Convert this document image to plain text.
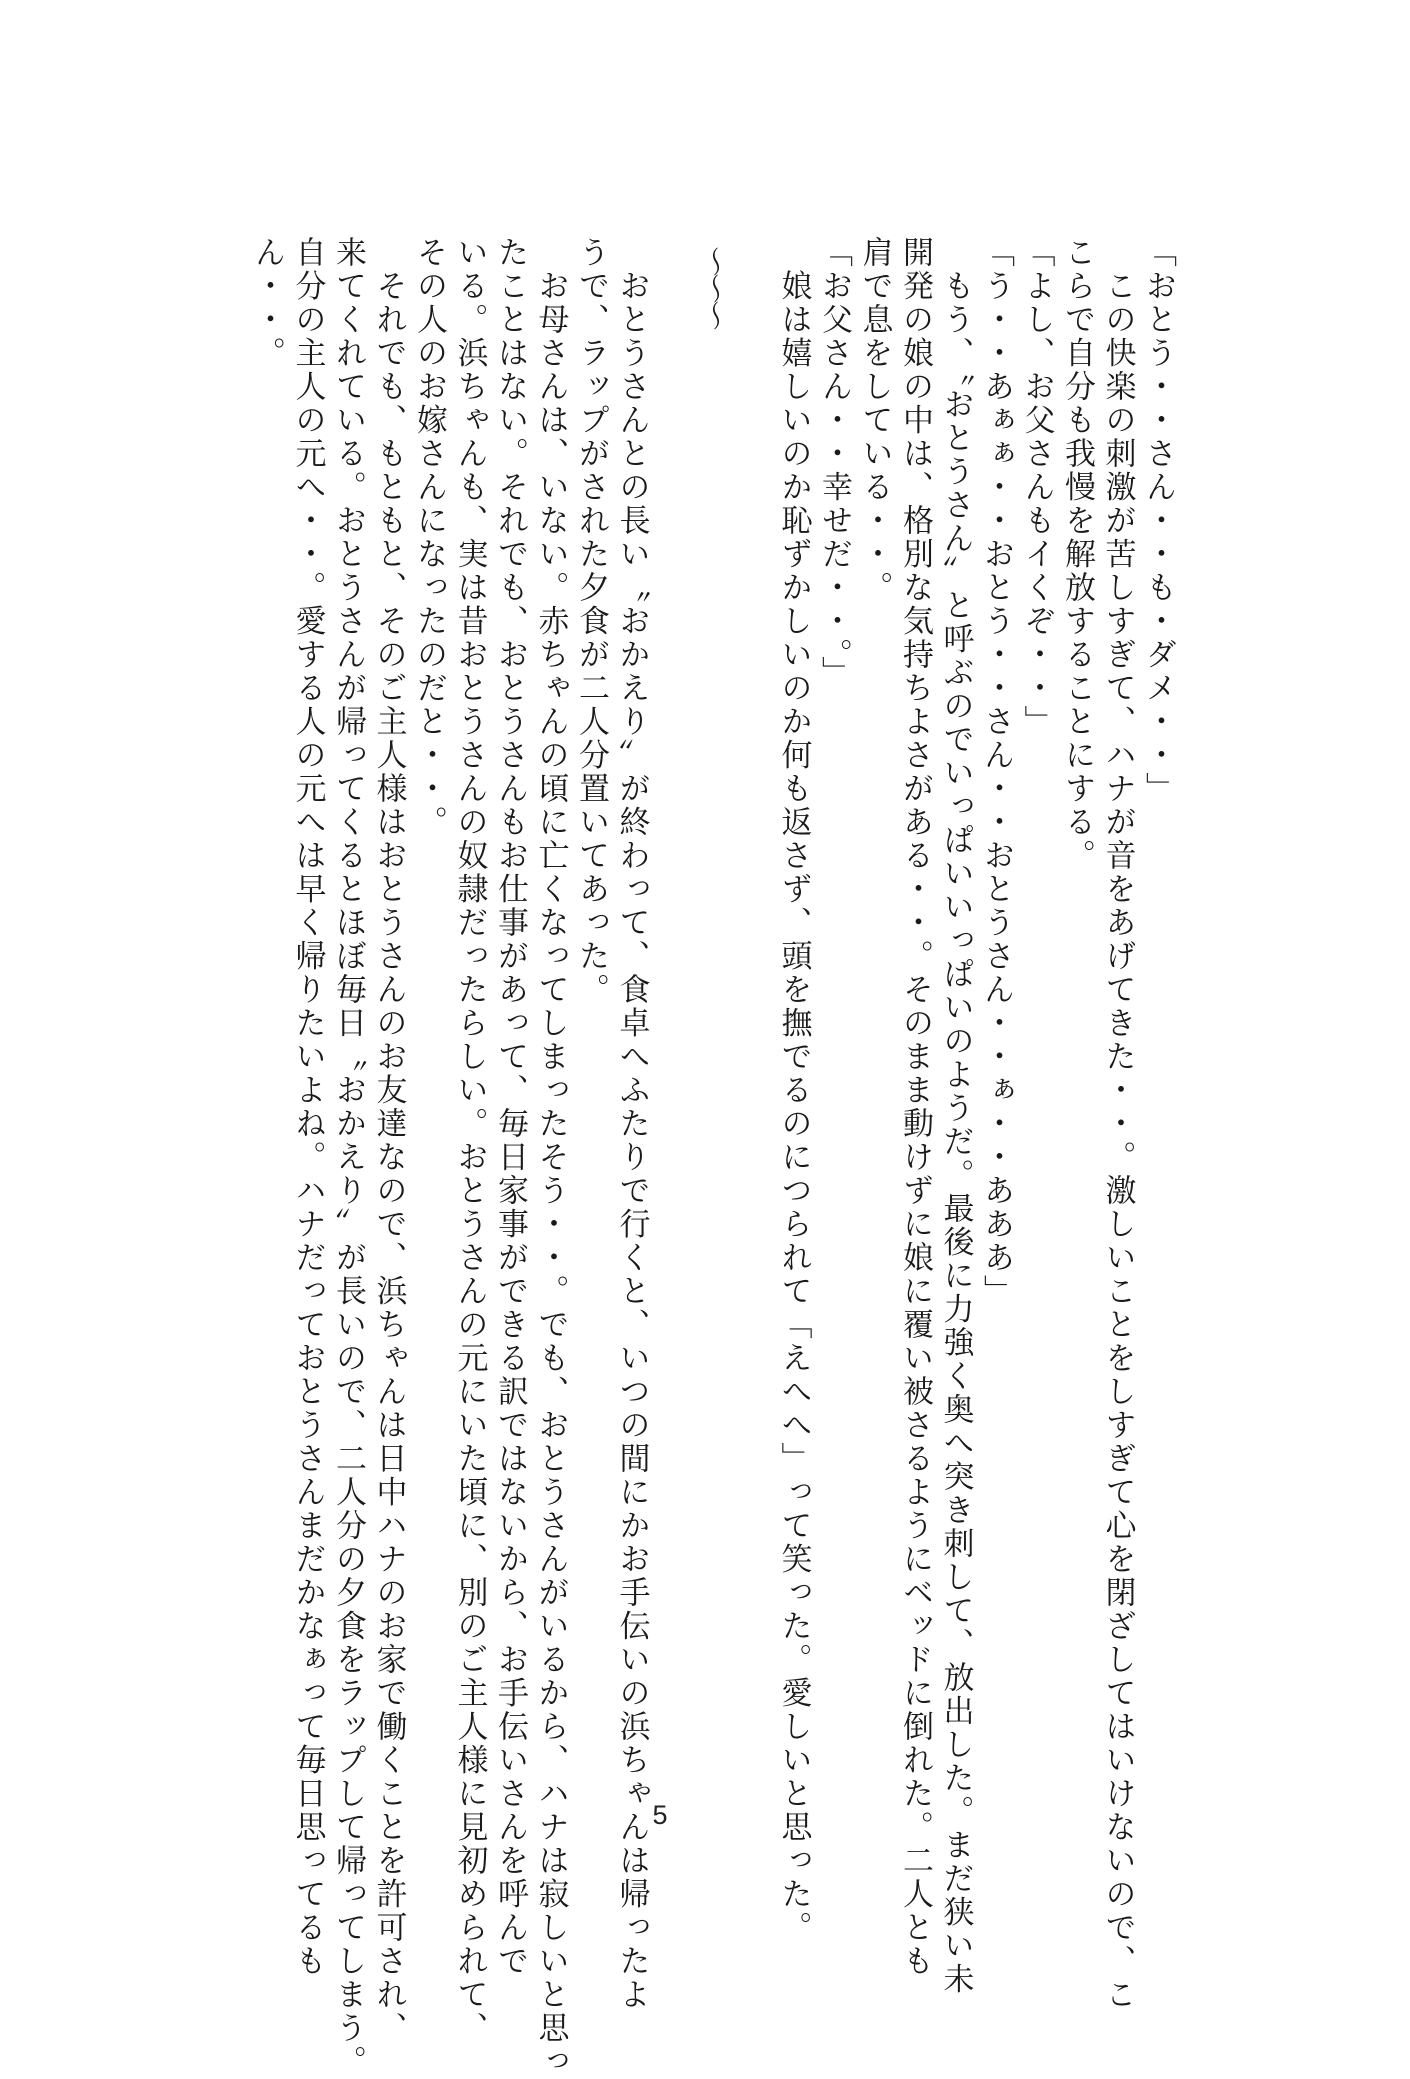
「おとう・・さん・・も・ダメ・・」
　この快楽の刺激が苦しすぎて、ハナが音をあげてきた・・。激しいことをしすぎて心を閉ざしてはいけないので、こ
こらで自分も我慢を解放することにする。
「よし、お父さんもイくぞ・・」
「う・・あぁぁ・・おとう・・さん・・おとうさん・・ぁ・・あああ」
　もう、〝おとうさん〟と呼ぶのでいっぱいいっぱいのようだ。最後に力強く奥へ突き刺して、放出した。まだ狭い未
開発の娘の中は、格別な気持ちよさがある・・。そのまま動けずに娘に覆い被さるようにベッドに倒れた。二人とも
肩で息をしている・・。
「お父さん・・幸せだ・・。」
　娘は嬉しいのか恥ずかしいのか何も返さず、頭を撫でるのにつられて「えへへ」って笑った。愛しいと思った。
〜〜〜
　おとうさんとの長い〝おかえり〟が終わって、食卓へふたりで行くと、いつの間にかお手伝いの浜ちゃんは帰ったよ
うで、ラップがされた夕食が二人分置いてあった。
　お母さんは、いない。赤ちゃんの頃に亡くなってしまったそう・・。でも、おとうさんがいるから、ハナは寂しいと思っ
たことはない。それでも、おとうさんもお仕事があって、毎日家事ができる訳ではないから、お手伝いさんを呼んで
いる。浜ちゃんも、実は昔おとうさんの奴隷だったらしい。おとうさんの元にいた頃に、別のご主人様に見初められて、
その人のお嫁さんになったのだと・・。
　それでも、もともと、そのご主人様はおとうさんのお友達なので、浜ちゃんは日中ハナのお家で働くことを許可され、
来てくれている。おとうさんが帰ってくるとほぼ毎日〝おかえり〟が長いので、二人分の夕食をラップして帰ってしまう。
自分の主人の元へ・・。愛する人の元へは早く帰りたいよね。ハナだっておとうさんまだかなぁって毎日思ってるも
ん・・。
5
